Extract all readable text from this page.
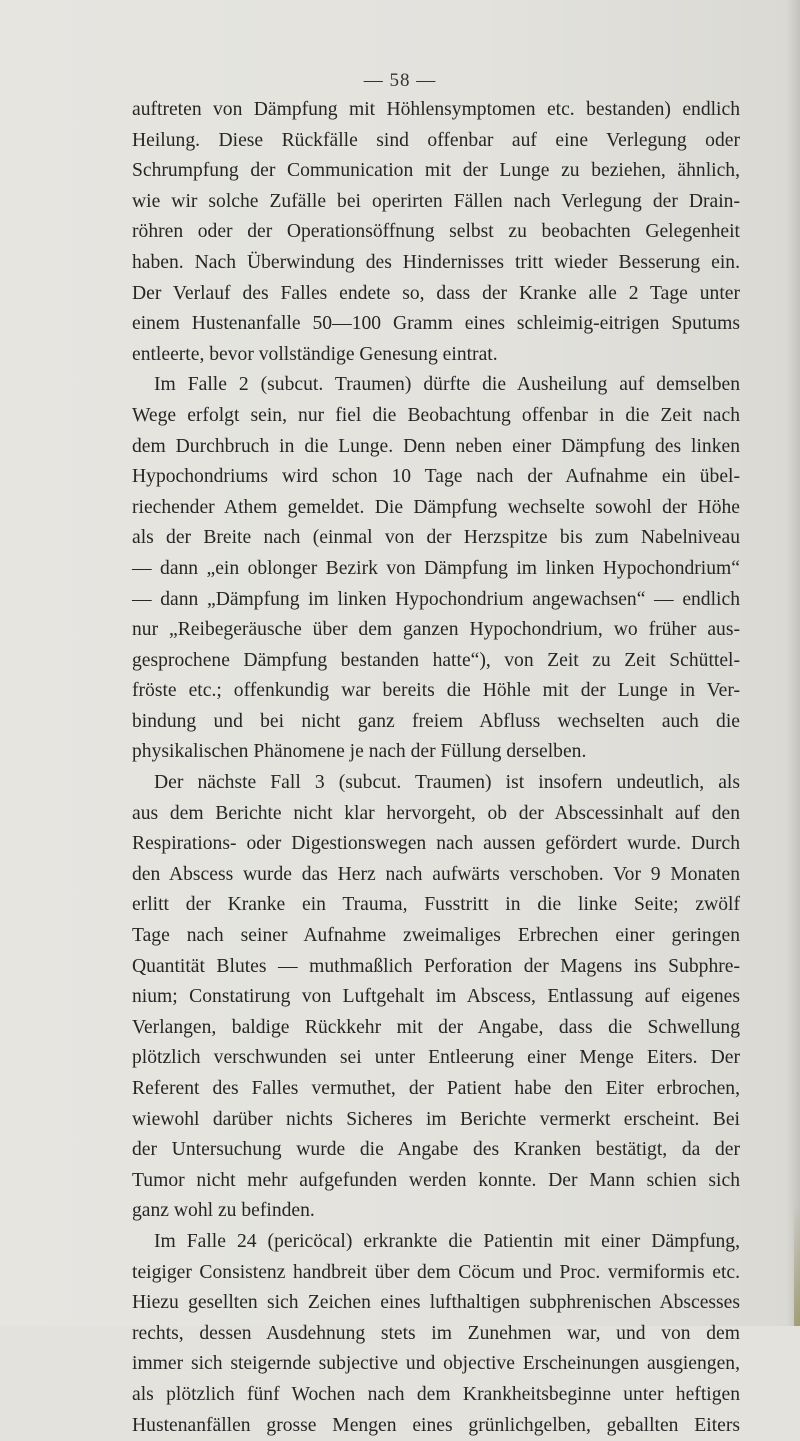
— 58 —
auftreten von Dämpfung mit Höhlensymptomen etc. bestanden) endlich
Heilung. Diese Rückfälle sind offenbar auf eine Verlegung oder
Schrumpfung der Communication mit der Lunge zu beziehen, ähnlich,
wie wir solche Zufälle bei operirten Fällen nach Verlegung der Drain-
röhren oder der Operationsöffnung selbst zu beobachten Gelegenheit
haben. Nach Überwindung des Hindernisses tritt wieder Besserung ein.
Der Verlauf des Falles endete so, dass der Kranke alle 2 Tage unter
einem Hustenanfalle 50—100 Gramm eines schleimig-eitrigen Sputums
entleerte, bevor vollständige Genesung eintrat.
Im Falle 2 (subcut. Traumen) dürfte die Ausheilung auf demselben
Wege erfolgt sein, nur fiel die Beobachtung offenbar in die Zeit nach
dem Durchbruch in die Lunge. Denn neben einer Dämpfung des linken
Hypochondriums wird schon 10 Tage nach der Aufnahme ein übel-
riechender Athem gemeldet. Die Dämpfung wechselte sowohl der Höhe
als der Breite nach (einmal von der Herzspitze bis zum Nabelniveau
— dann „ein oblonger Bezirk von Dämpfung im linken Hypochondrium“
— dann „Dämpfung im linken Hypochondrium angewachsen“ — endlich
nur „Reibegeräusche über dem ganzen Hypochondrium, wo früher aus-
gesprochene Dämpfung bestanden hatte“), von Zeit zu Zeit Schüttel-
fröste etc.; offenkundig war bereits die Höhle mit der Lunge in Ver-
bindung und bei nicht ganz freiem Abfluss wechselten auch die
physikalischen Phänomene je nach der Füllung derselben.
Der nächste Fall 3 (subcut. Traumen) ist insofern undeutlich, als
aus dem Berichte nicht klar hervorgeht, ob der Abscessinhalt auf den
Respirations- oder Digestionswegen nach aussen gefördert wurde. Durch
den Abscess wurde das Herz nach aufwärts verschoben. Vor 9 Monaten
erlitt der Kranke ein Trauma, Fusstritt in die linke Seite; zwölf
Tage nach seiner Aufnahme zweimaliges Erbrechen einer geringen
Quantität Blutes — muthmaßlich Perforation der Magens ins Subphre-
nium; Constatirung von Luftgehalt im Abscess, Entlassung auf eigenes
Verlangen, baldige Rückkehr mit der Angabe, dass die Schwellung
plötzlich verschwunden sei unter Entleerung einer Menge Eiters. Der
Referent des Falles vermuthet, der Patient habe den Eiter erbrochen,
wiewohl darüber nichts Sicheres im Berichte vermerkt erscheint. Bei
der Untersuchung wurde die Angabe des Kranken bestätigt, da der
Tumor nicht mehr aufgefunden werden konnte. Der Mann schien sich
ganz wohl zu befinden.
Im Falle 24 (pericöcal) erkrankte die Patientin mit einer Dämpfung,
teigiger Consistenz handbreit über dem Cöcum und Proc. vermiformis etc.
Hiezu gesellten sich Zeichen eines lufthaltigen subphrenischen Abscesses
rechts, dessen Ausdehnung stets im Zunehmen war, und von dem
immer sich steigernde subjective und objective Erscheinungen ausgiengen,
als plötzlich fünf Wochen nach dem Krankheitsbeginne unter heftigen
Hustenanfällen grosse Mengen eines grünlichgelben, geballten Eiters
